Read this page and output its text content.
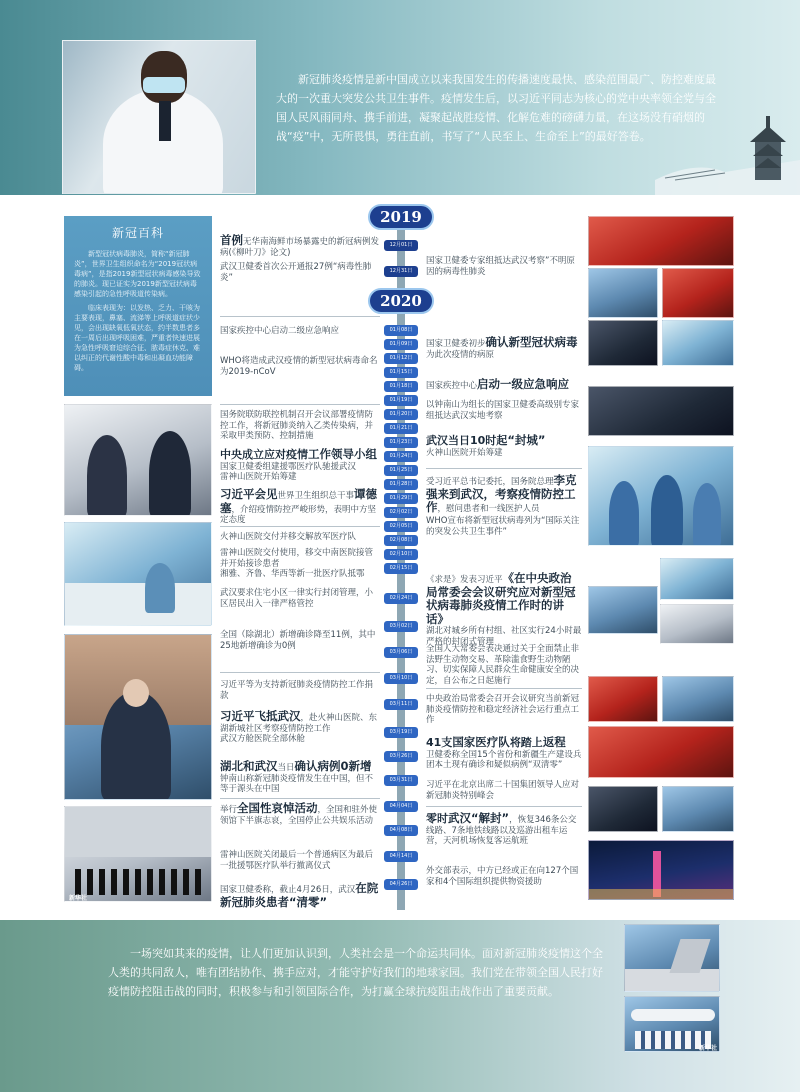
新冠肺炎疫情是新中国成立以来我国发生的传播速度最快、感染范围最广、防控难度最大的一次重大突发公共卫生事件。疫情发生后，以习近平同志为核心的党中央率领全党与全国人民风雨同舟、携手前进，凝聚起战胜疫情、化解危难的磅礴力量，在这场没有硝烟的战“疫”中，无所畏惧，勇往直前，书写了“人民至上、生命至上”的最好答卷。
新冠百科

新型冠状病毒肺炎，简称“新冠肺炎”，世界卫生组织命名为“2019冠状病毒病”，是指2019新型冠状病毒感染导致的肺炎。现已证实为2019新型冠状病毒感染引起的急性呼吸道传染病。

临床表现为：以发热、乏力、干咳为主要表现，鼻塞、流涕等上呼吸道症状少见，会出现缺氧低氧状态，约半数患者多在一周后出现呼吸困难，严重者快速进展为急性呼吸窘迫综合征、脓毒症休克、难以纠正的代谢性酸中毒和出凝血功能障碍。

新华社
2019
2020
12月01日
12月31日
01月08日
01月09日
01月12日
01月15日
01月18日
01月19日
01月20日
01月21日
01月23日
01月24日
01月25日
01月28日
01月29日
02月02日
02月05日
02月08日
02月10日
02月15日
02月24日
03月02日
03月06日
03月10日
03月11日
03月19日
03月26日
03月31日
04月04日
04月08日
04月14日
04月26日
首例无华南海鲜市场暴露史的新冠病例发病(《柳叶刀》论文)
武汉卫健委首次公开通报27例“病毒性肺炎”
国家疾控中心启动二级应急响应
WHO将造成武汉疫情的新型冠状病毒命名为2019-nCoV
国务院联防联控机制召开会议部署疫情防控工作，将新冠肺炎纳入乙类传染病，并采取甲类预防、控制措施
中央成立应对疫情工作领导小组
国家卫健委组建援鄂医疗队驰援武汉
雷神山医院开始筹建
习近平会见世界卫生组织总干事谭德塞，介绍疫情防控严峻形势，表明中方坚定态度
火神山医院交付并移交解放军医疗队
雷神山医院交付使用，移交中南医院接管并开始接诊患者
湘雅、齐鲁、华西等新一批医疗队抵鄂
武汉要求住宅小区一律实行封闭管理，小区居民出入一律严格管控
全国（除湖北）新增确诊降至11例，其中25地新增确诊为0例
习近平等为支持新冠肺炎疫情防控工作捐款
习近平飞抵武汉，赴火神山医院、东湖新城社区考察疫情防控工作
武汉方舱医院全部休舱
湖北和武汉当日确认病例0新增
钟南山称新冠肺炎疫情发生在中国，但不等于源头在中国
举行全国性哀悼活动，全国和驻外使领馆下半旗志哀，全国停止公共娱乐活动
雷神山医院关闭最后一个普通病区为最后一批援鄂医疗队举行撤离仪式
国家卫健委称，截止4月26日，武汉在院新冠肺炎患者“清零”
国家卫健委专家组抵达武汉考察”不明原因的病毒性肺炎
国家卫健委初步确认新型冠状病毒为此次疫情的病原
国家疾控中心启动一级应急响应
以钟南山为组长的国家卫健委高级别专家组抵达武汉实地考察
武汉当日10时起“封城”
火神山医院开始筹建
受习近平总书记委托，国务院总理李克强来到武汉，考察疫情防控工作，慰问患者和一线医护人员
WHO宣布将新型冠状病毒列为“国际关注的突发公共卫生事件”
《求是》发表习近平《在中央政治局常委会会议研究应对新型冠状病毒肺炎疫情工作时的讲话》
湖北对城乡所有村组、社区实行24小时最严格的封闭式管理
全国人大常委会表决通过关于全面禁止非法野生动物交易、革除滥食野生动物陋习、切实保障人民群众生命健康安全的决定，自公布之日起施行
中央政治局常委会召开会议研究当前新冠肺炎疫情防控和稳定经济社会运行重点工作
41支国家医疗队将踏上返程
卫健委称全国15个省份和新疆生产建设兵团本土现有确诊和疑似病例“双清零”
习近平在北京出席二十国集团领导人应对新冠肺炎特别峰会
零时武汉“解封”，恢复346条公交线路、7条地铁线路以及巡游出租车运营，天河机场恢复客运航班
外交部表示，中方已经或正在向127个国家和4个国际组织提供物资援助
一场突如其来的疫情，让人们更加认识到，人类社会是一个命运共同体。面对新冠肺炎疫情这个全人类的共同敌人，唯有团结协作、携手应对，才能守护好我们的地球家园。我们党在带领全国人民打好疫情防控阻击战的同时，积极参与和引领国际合作，为打赢全球抗疫阻击战作出了重要贡献。
新华社
